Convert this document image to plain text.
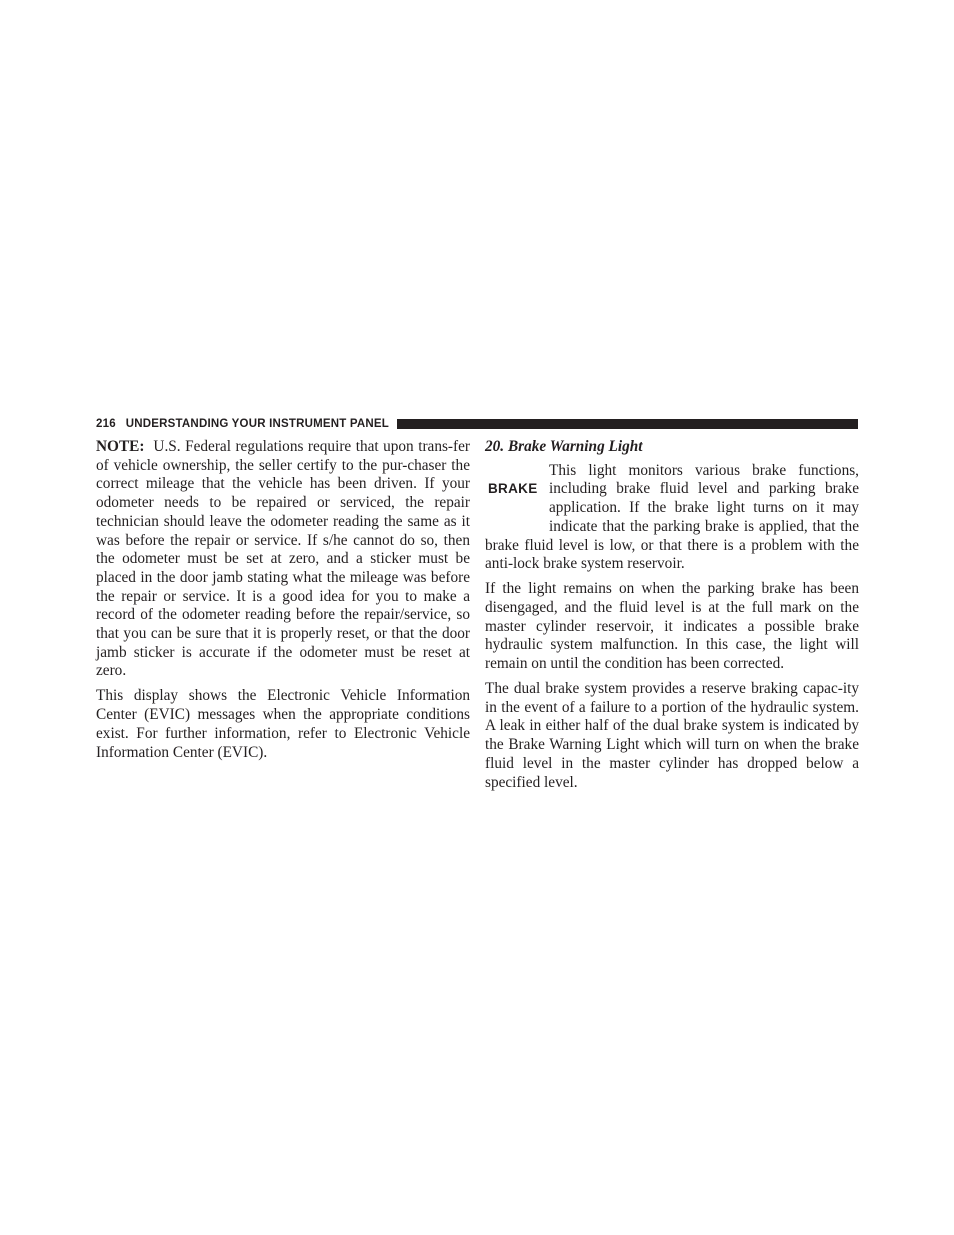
216 UNDERSTANDING YOUR INSTRUMENT PANEL

NOTE: U.S. Federal regulations require that upon trans-fer of vehicle ownership, the seller certify to the pur-chaser the correct mileage that the vehicle has been driven. If your odometer needs to be repaired or serviced, the repair technician should leave the odometer reading the same as it was before the repair or service. If s/he cannot do so, then the odometer must be set at zero, and a sticker must be placed in the door jamb stating what the mileage was before the repair or service. It is a good idea for you to make a record of the odometer reading before the repair/service, so that you can be sure that it is properly reset, or that the door jamb sticker is accurate if the odometer must be reset at zero.

This display shows the Electronic Vehicle Information Center (EVIC) messages when the appropriate conditions exist. For further information, refer to Electronic Vehicle Information Center (EVIC).

20. Brake Warning Light
BRAKE

This light monitors various brake functions, including brake fluid level and parking brake application. If the brake light turns on it may indicate that the parking brake is applied, that the brake fluid level is low, or that there is a problem with the anti-lock brake system reservoir.

If the light remains on when the parking brake has been disengaged, and the fluid level is at the full mark on the master cylinder reservoir, it indicates a possible brake hydraulic system malfunction. In this case, the light will remain on until the condition has been corrected.

The dual brake system provides a reserve braking capac-ity in the event of a failure to a portion of the hydraulic system. A leak in either half of the dual brake system is indicated by the Brake Warning Light which will turn on when the brake fluid level in the master cylinder has dropped below a specified level.
